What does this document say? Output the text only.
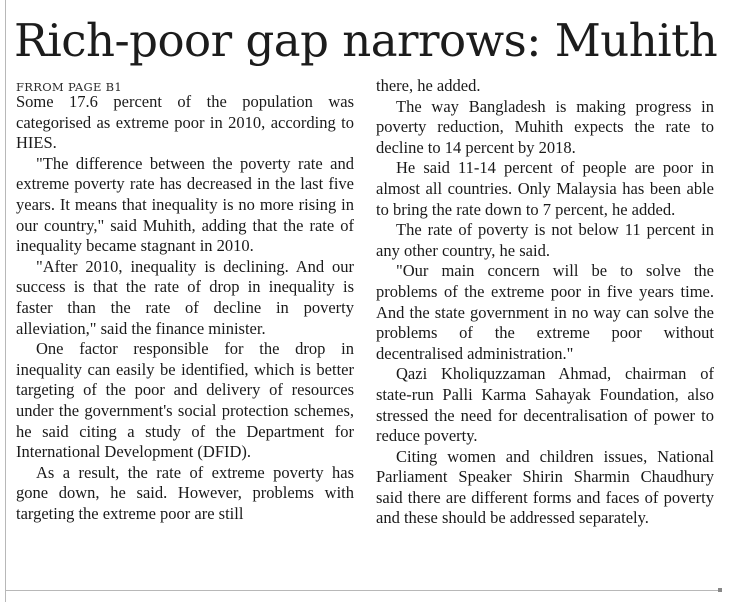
Rich-poor gap narrows: Muhith
FRROM PAGE B1

Some 17.6 percent of the population was categorised as extreme poor in 2010, according to HIES.

"The difference between the poverty rate and extreme poverty rate has decreased in the last five years. It means that inequality is no more rising in our country," said Muhith, adding that the rate of inequality became stagnant in 2010.

"After 2010, inequality is declining. And our success is that the rate of drop in inequality is faster than the rate of decline in poverty alleviation," said the finance minister.

One factor responsible for the drop in inequality can easily be identified, which is better targeting of the poor and delivery of resources under the government's social protection schemes, he said citing a study of the Department for International Development (DFID).

As a result, the rate of extreme poverty has gone down, he said. However, problems with targeting the extreme poor are still

there, he added.

The way Bangladesh is making progress in poverty reduction, Muhith expects the rate to decline to 14 percent by 2018.

He said 11-14 percent of people are poor in almost all countries. Only Malaysia has been able to bring the rate down to 7 percent, he added.

The rate of poverty is not below 11 percent in any other country, he said.

"Our main concern will be to solve the problems of the extreme poor in five years time. And the state government in no way can solve the problems of the extreme poor without decentralised administration."

Qazi Kholiquzzaman Ahmad, chairman of state-run Palli Karma Sahayak Foundation, also stressed the need for decentralisation of power to reduce poverty.

Citing women and children issues, National Parliament Speaker Shirin Sharmin Chaudhury said there are different forms and faces of poverty and these should be addressed separately.
